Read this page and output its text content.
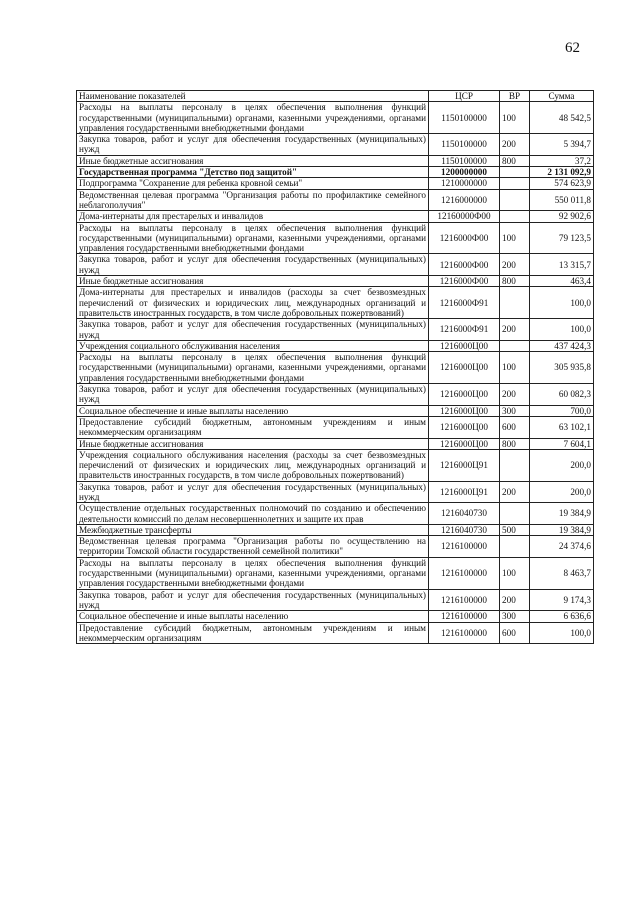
62
Наименование показателей	ЦСР	ВР	Сумма
Расходы на выплаты персоналу в целях обеспечения выполнения функций государственными (муниципальными) органами, казенными учреждениями, органами управления государственными внебюджетными фондами	1150100000	100	48 542,5
Закупка товаров, работ и услуг для обеспечения государственных (муниципальных) нужд	1150100000	200	5 394,7
Иные бюджетные ассигнования	1150100000	800	37,2
Государственная программа "Детство под защитой"	1200000000		2 131 092,9
Подпрограмма "Сохранение для ребенка кровной семьи"	1210000000		574 623,9
Ведомственная целевая программа "Организация работы по профилактике семейного неблагополучия"	1216000000		550 011,8
Дома-интернаты для престарелых и инвалидов	12160000Ф00		92 902,6
Расходы на выплаты персоналу в целях обеспечения выполнения функций государственными (муниципальными) органами, казенными учреждениями, органами управления государственными внебюджетными фондами	1216000Ф00	100	79 123,5
Закупка товаров, работ и услуг для обеспечения государственных (муниципальных) нужд	1216000Ф00	200	13 315,7
Иные бюджетные ассигнования	1216000Ф00	800	463,4
Дома-интернаты для престарелых и инвалидов (расходы за счет безвозмездных перечислений от физических и юридических лиц, международных организаций и правительств иностранных государств, в том числе добровольных пожертвований)	1216000Ф91		100,0
Закупка товаров, работ и услуг для обеспечения государственных (муниципальных) нужд	1216000Ф91	200	100,0
Учреждения социального обслуживания населения	1216000Ц00		437 424,3
Расходы на выплаты персоналу в целях обеспечения выполнения функций государственными (муниципальными) органами, казенными учреждениями, органами управления государственными внебюджетными фондами	1216000Ц00	100	305 935,8
Закупка товаров, работ и услуг для обеспечения государственных (муниципальных) нужд	1216000Ц00	200	60 082,3
Социальное обеспечение и иные выплаты населению	1216000Ц00	300	700,0
Предоставление субсидий бюджетным, автономным учреждениям и иным некоммерческим организациям	1216000Ц00	600	63 102,1
Иные бюджетные ассигнования	1216000Ц00	800	7 604,1
Учреждения социального обслуживания населения (расходы за счет безвозмездных перечислений от физических и юридических лиц, международных организаций и правительств иностранных государств, в том числе добровольных пожертвований)	1216000Ц91		200,0
Закупка товаров, работ и услуг для обеспечения государственных (муниципальных) нужд	1216000Ц91	200	200,0
Осуществление отдельных государственных полномочий по созданию и обеспечению деятельности комиссий по делам несовершеннолетних и защите их прав	1216040730		19 384,9
Межбюджетные трансферты	1216040730	500	19 384,9
Ведомственная целевая программа "Организация работы по осуществлению на территории Томской области государственной семейной политики"	1216100000		24 374,6
Расходы на выплаты персоналу в целях обеспечения выполнения функций государственными (муниципальными) органами, казенными учреждениями, органами управления государственными внебюджетными фондами	1216100000	100	8 463,7
Закупка товаров, работ и услуг для обеспечения государственных (муниципальных) нужд	1216100000	200	9 174,3
Социальное обеспечение и иные выплаты населению	1216100000	300	6 636,6
Предоставление субсидий бюджетным, автономным учреждениям и иным некоммерческим организациям	1216100000	600	100,0
